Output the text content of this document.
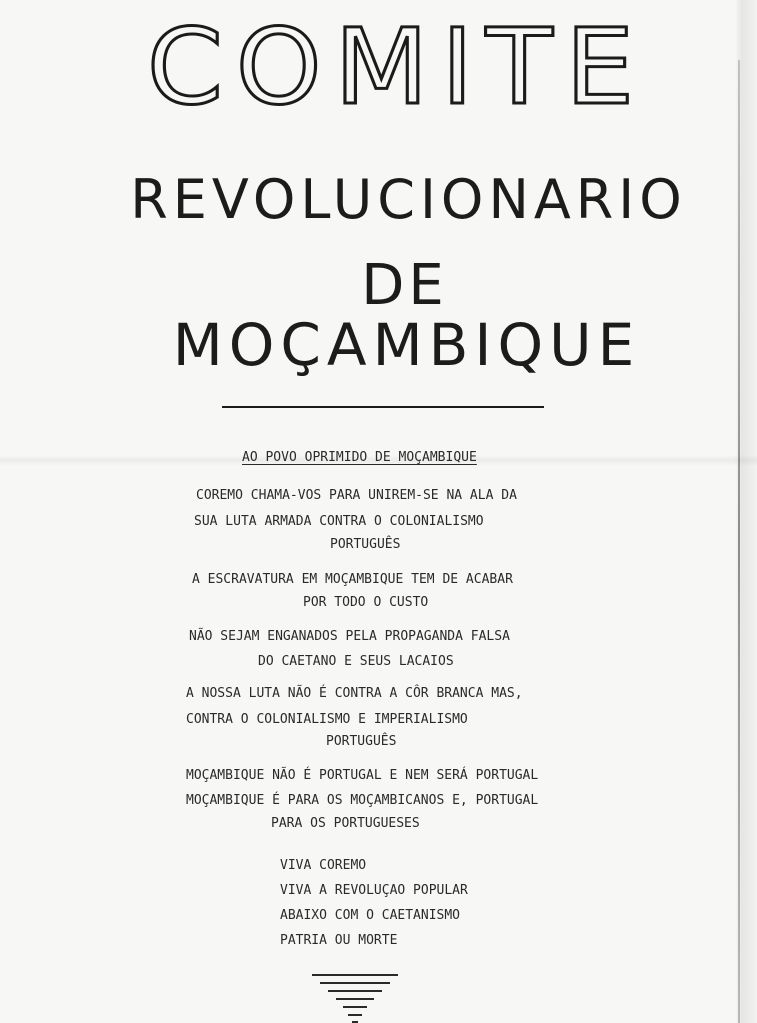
COMITE
REVOLUCIONARIO
DE
MOÇAMBIQUE
AO POVO OPRIMIDO DE MOÇAMBIQUE
COREMO CHAMA-VOS PARA UNIREM-SE NA ALA DA
SUA LUTA ARMADA CONTRA O COLONIALISMO
PORTUGUÊS
A ESCRAVATURA EM MOÇAMBIQUE TEM DE ACABAR
POR TODO O CUSTO
NÃO SEJAM ENGANADOS PELA PROPAGANDA FALSA
DO CAETANO E SEUS LACAIOS
A NOSSA LUTA NÃO É CONTRA A CÔR BRANCA MAS,
CONTRA O COLONIALISMO E IMPERIALISMO
PORTUGUÊS
MOÇAMBIQUE NÃO É PORTUGAL E NEM SERÁ PORTUGAL
MOÇAMBIQUE É PARA OS MOÇAMBICANOS E, PORTUGAL
PARA OS PORTUGUESES
VIVA COREMO
VIVA A REVOLUÇAO POPULAR
ABAIXO COM O CAETANISMO
PATRIA OU MORTE
